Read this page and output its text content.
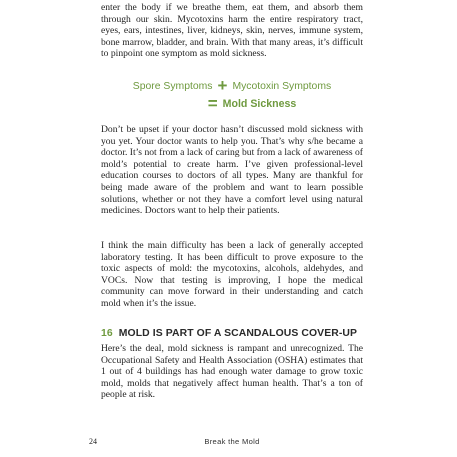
enter the body if we breathe them, eat them, and absorb them through our skin. Mycotoxins harm the entire respiratory tract, eyes, ears, intestines, liver, kidneys, skin, nerves, immune system, bone marrow, bladder, and brain. With that many areas, it’s difficult to pinpoint one symptom as mold sickness.

Spore Symptoms + Mycotoxin Symptoms
= Mold Sickness

Don’t be upset if your doctor hasn’t discussed mold sickness with you yet. Your doctor wants to help you. That’s why s/he became a doctor. It’s not from a lack of caring but from a lack of awareness of mold’s potential to create harm. I’ve given professional-level education courses to doctors of all types. Many are thankful for being made aware of the problem and want to learn possible solutions, whether or not they have a comfort level using natural medicines. Doctors want to help their patients.

I think the main difficulty has been a lack of generally accepted laboratory testing. It has been difficult to prove exposure to the toxic aspects of mold: the mycotoxins, alcohols, aldehydes, and VOCs. Now that testing is improving, I hope the medical community can move forward in their understanding and catch mold when it’s the issue.

16 MOLD IS PART OF A SCANDALOUS COVER-UP

Here’s the deal, mold sickness is rampant and unrecognized. The Occupational Safety and Health Association (OSHA) estimates that 1 out of 4 buildings has had enough water damage to grow toxic mold, molds that negatively affect human health. That’s a ton of people at risk.

24	Break the Mold
